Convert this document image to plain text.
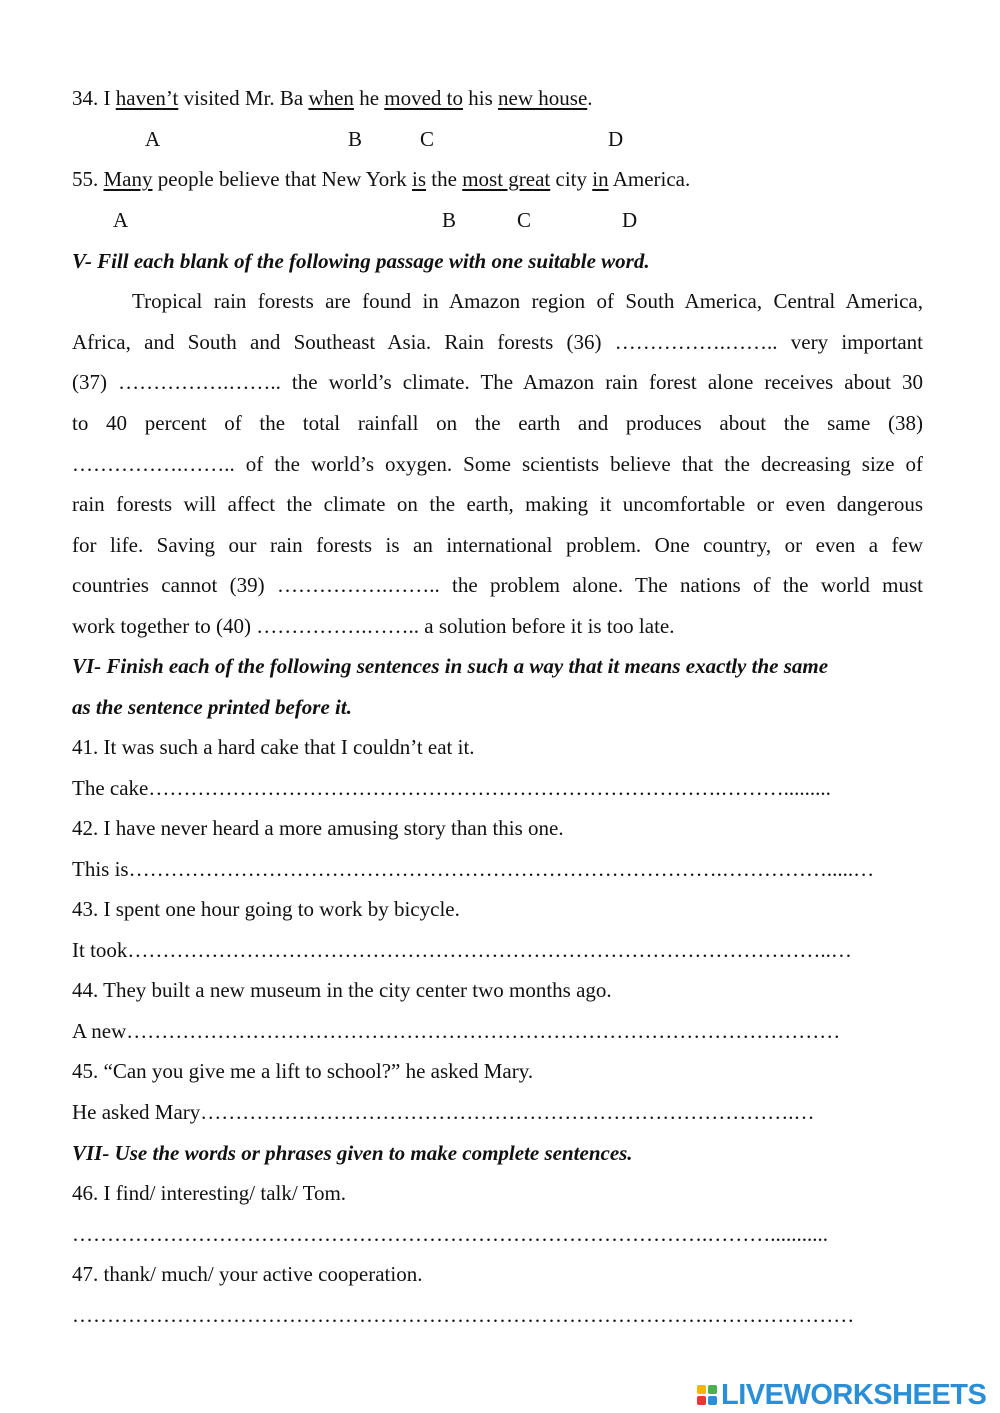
34. I haven’t visited Mr. Ba when he moved to his new house.
A	B	C	D
55. Many people believe that New York is the most great city in America.
A	B	C	D
V- Fill each blank of the following passage with one suitable word.
Tropical rain forests are found in Amazon region of South America, Central America,
Africa, and South and Southeast Asia. Rain forests (36) …………….…….. very important
(37) …………….…….. the world’s climate. The Amazon rain forest alone receives about 30
to 40 percent of the total rainfall on the earth and produces about the same (38)
…………….…….. of the world’s oxygen. Some scientists believe that the decreasing size of
rain forests will affect the climate on the earth, making it uncomfortable or even dangerous
for life. Saving our rain forests is an international problem. One country, or even a few
countries cannot (39) …………….…….. the problem alone. The nations of the world must
work together to (40) …………….…….. a solution before it is too late.
VI- Finish each of the following sentences in such a way that it means exactly the same
as the sentence printed before it.
41. It was such a hard cake that I couldn’t eat it.
The cake……………………………………………………………………….……….........
42. I have never heard a more amusing story than this one.
This is………………………………………………………………………….…………….....…
43. I spent one hour going to work by bicycle.
It took………………………………………………………………………………………..…
44. They built a new museum in the city center two months ago.
A new…………………………………………………………………………………………
45. “Can you give me a lift to school?” he asked Mary.
He asked Mary………………………………………………………………………….…
VII- Use the words or phrases given to make complete sentences.
46. I find/ interesting/ talk/ Tom.
……………………………………………………………………………….………...........
47. thank/ much/ your active cooperation.
……………………………………………………………………………….…………………
LIVEWORKSHEETS
